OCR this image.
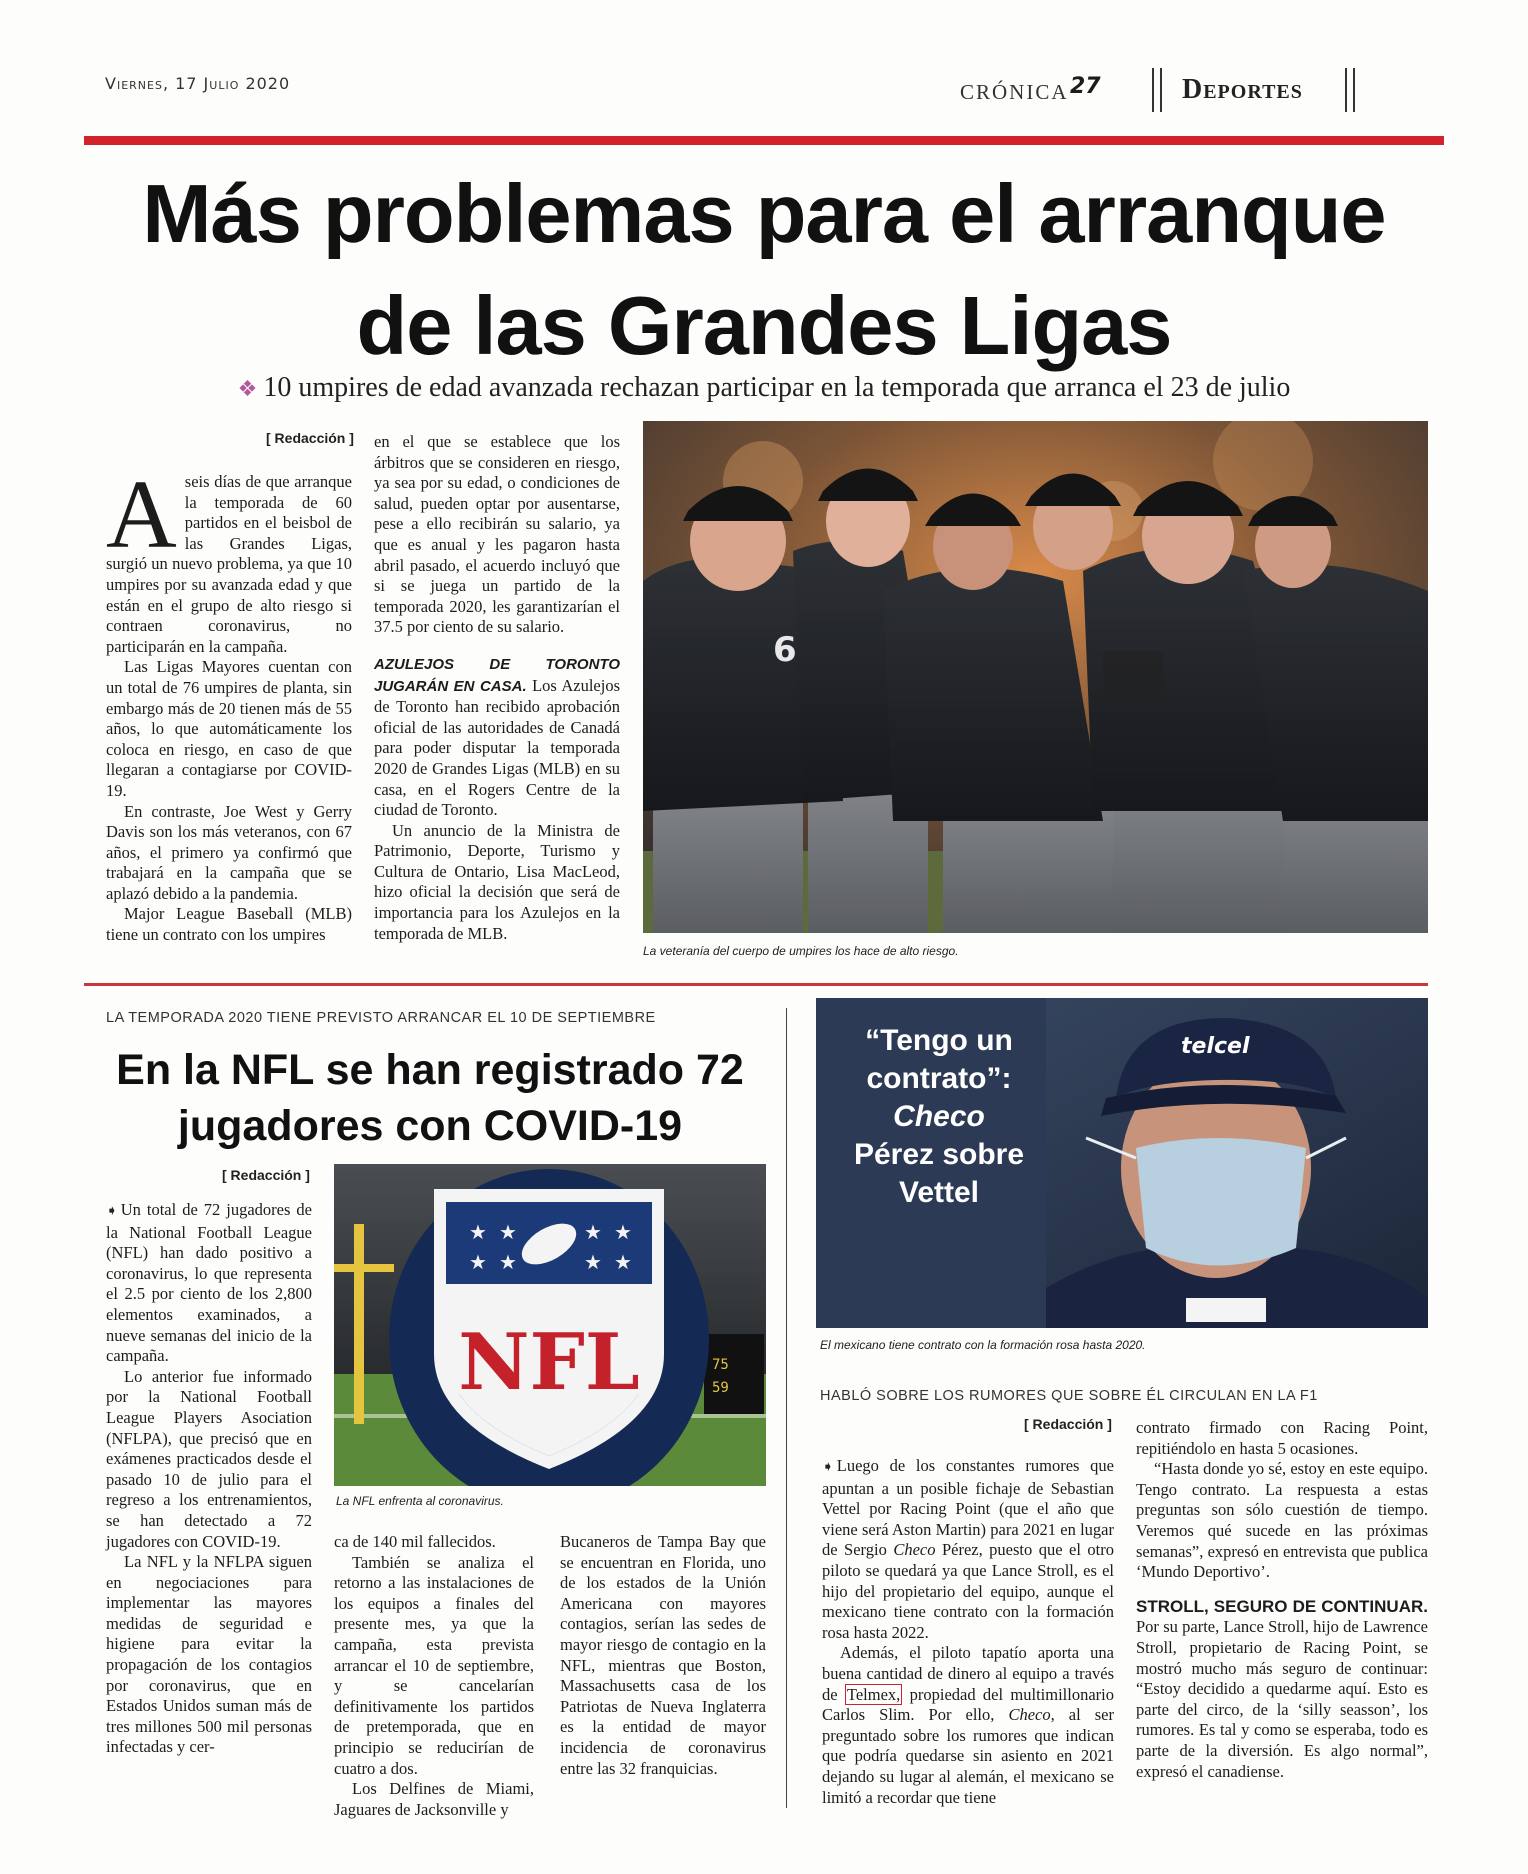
Viernes, 17 Julio 2020	CRÓNICA 27	Deportes
Más problemas para el arranque
de las Grandes Ligas
❖ 10 umpires de edad avanzada rechazan participar en la temporada que arranca el 23 de julio
[ Redacción ]

Aseis días de que arranque la temporada de 60 partidos en el beisbol de las Grandes Ligas, surgió un nuevo problema, ya que 10 umpires por su avanzada edad y que están en el grupo de alto riesgo si contraen coronavirus, no participarán en la campaña.

Las Ligas Mayores cuentan con un total de 76 umpires de planta, sin embargo más de 20 tienen más de 55 años, lo que automáticamente los coloca en riesgo, en caso de que llegaran a contagiarse por COVID-19.

En contraste, Joe West y Gerry Davis son los más veteranos, con 67 años, el primero ya confirmó que trabajará en la campaña que se aplazó debido a la pandemia.

Major League Baseball (MLB) tiene un contrato con los umpires

en el que se establece que los árbitros que se consideren en riesgo, ya sea por su edad, o condiciones de salud, pueden optar por ausentarse, pese a ello recibirán su salario, ya que es anual y les pagaron hasta abril pasado, el acuerdo incluyó que si se juega un partido de la temporada 2020, les garantizarían el 37.5 por ciento de su salario.

AZULEJOS DE TORONTO JUGARÁN EN CASA. Los Azulejos de Toronto han recibido aprobación oficial de las autoridades de Canadá para poder disputar la temporada 2020 de Grandes Ligas (MLB) en su casa, en el Rogers Centre de la ciudad de Toronto.

Un anuncio de la Ministra de Patrimonio, Deporte, Turismo y Cultura de Ontario, Lisa MacLeod, hizo oficial la decisión que será de importancia para los Azulejos en la temporada de MLB.

6
La veteranía del cuerpo de umpires los hace de alto riesgo.
LA TEMPORADA 2020 TIENE PREVISTO ARRANCAR EL 10 DE SEPTIEMBRE
En la NFL se han registrado 72
jugadores con COVID-19
[ Redacción ]

➧ Un total de 72 jugadores de la National Football League (NFL) han dado positivo a coronavirus, lo que representa el 2.5 por ciento de los 2,800 elementos examinados, a nueve semanas del inicio de la campaña.

Lo anterior fue informado por la National Football League Players Asociation (NFLPA), que precisó que en exámenes practicados desde el pasado 10 de julio para el regreso a los entrenamientos, se han detectado a 72 jugadores con COVID-19.

La NFL y la NFLPA siguen en negociaciones para implementar las mayores medidas de seguridad e higiene para evitar la propagación de los contagios por coronavirus, que en Estados Unidos suman más de tres millones 500 mil personas infectadas y cer-

75
59
NFL
★ ★	★ ★
★ ★	★ ★
La NFL enfrenta al coronavirus.

ca de 140 mil fallecidos.

También se analiza el retorno a las instalaciones de los equipos a finales del presente mes, ya que la campaña, esta prevista arrancar el 10 de septiembre, y se cancelarían definitivamente los partidos de pretemporada, que en principio se reducirían de cuatro a dos.

Los Delfines de Miami, Jaguares de Jacksonville y

Bucaneros de Tampa Bay que se encuentran en Florida, uno de los estados de la Unión Americana con mayores contagios, serían las sedes de mayor riesgo de contagio en la NFL, mientras que Boston, Massachusetts casa de los Patriotas de Nueva Inglaterra es la entidad de mayor incidencia de coronavirus entre las 32 franquicias.

telcel
“Tengo un
contrato”:
Checo
Pérez sobre
Vettel
El mexicano tiene contrato con la formación rosa hasta 2020.
HABLÓ SOBRE LOS RUMORES QUE SOBRE ÉL CIRCULAN EN LA F1
[ Redacción ]

➧ Luego de los constantes rumores que apuntan a un posible fichaje de Sebastian Vettel por Racing Point (que el año que viene será Aston Martin) para 2021 en lugar de Sergio Checo Pérez, puesto que el otro piloto se quedará ya que Lance Stroll, es el hijo del propietario del equipo, aunque el mexicano tiene contrato con la formación rosa hasta 2022.

Además, el piloto tapatío aporta una buena cantidad de dinero al equipo a través de Telmex, propiedad del multimillonario Carlos Slim. Por ello, Checo, al ser preguntado sobre los rumores que indican que podría quedarse sin asiento en 2021 dejando su lugar al alemán, el mexicano se limitó a recordar que tiene

contrato firmado con Racing Point, repitiéndolo en hasta 5 ocasiones.

“Hasta donde yo sé, estoy en este equipo. Tengo contrato. La respuesta a estas preguntas son sólo cuestión de tiempo. Veremos qué sucede en las próximas semanas”, expresó en entrevista que publica ‘Mundo Deportivo’.

STROLL, SEGURO DE CONTINUAR. Por su parte, Lance Stroll, hijo de Lawrence Stroll, propietario de Racing Point, se mostró mucho más seguro de continuar: “Estoy decidido a quedarme aquí. Esto es parte del circo, de la ‘silly seasson’, los rumores. Es tal y como se esperaba, todo es parte de la diversión. Es algo normal”, expresó el canadiense.
